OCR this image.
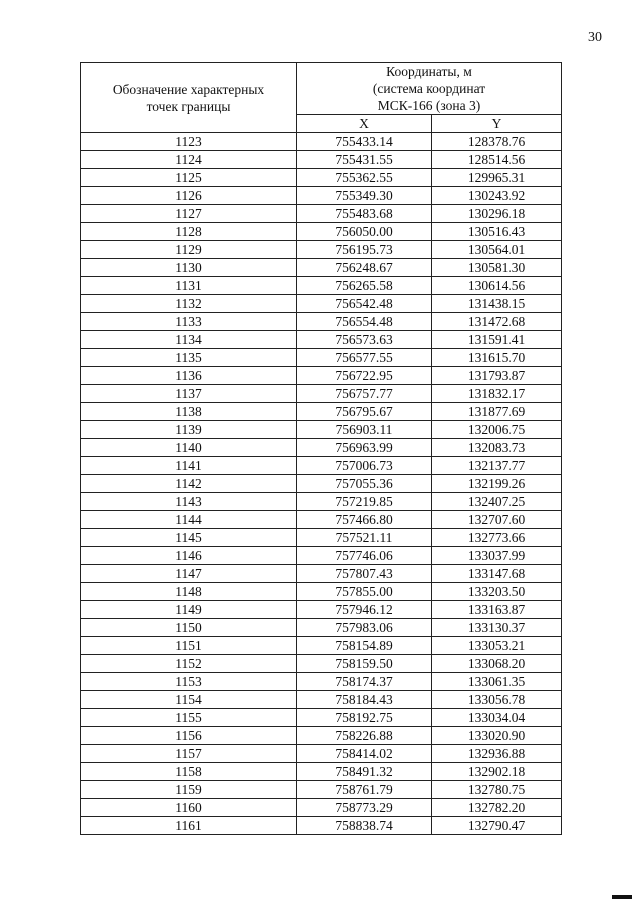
30
Обозначение характерных
точек границы	Координаты, м
(система координат
МСК-166 (зона 3)	

	X	Y
1123	755433.14	128378.76
1124	755431.55	128514.56
1125	755362.55	129965.31
1126	755349.30	130243.92
1127	755483.68	130296.18
1128	756050.00	130516.43
1129	756195.73	130564.01
1130	756248.67	130581.30
1131	756265.58	130614.56
1132	756542.48	131438.15
1133	756554.48	131472.68
1134	756573.63	131591.41
1135	756577.55	131615.70
1136	756722.95	131793.87
1137	756757.77	131832.17
1138	756795.67	131877.69
1139	756903.11	132006.75
1140	756963.99	132083.73
1141	757006.73	132137.77
1142	757055.36	132199.26
1143	757219.85	132407.25
1144	757466.80	132707.60
1145	757521.11	132773.66
1146	757746.06	133037.99
1147	757807.43	133147.68
1148	757855.00	133203.50
1149	757946.12	133163.87
1150	757983.06	133130.37
1151	758154.89	133053.21
1152	758159.50	133068.20
1153	758174.37	133061.35
1154	758184.43	133056.78
1155	758192.75	133034.04
1156	758226.88	133020.90
1157	758414.02	132936.88
1158	758491.32	132902.18
1159	758761.79	132780.75
1160	758773.29	132782.20
1161	758838.74	132790.47
